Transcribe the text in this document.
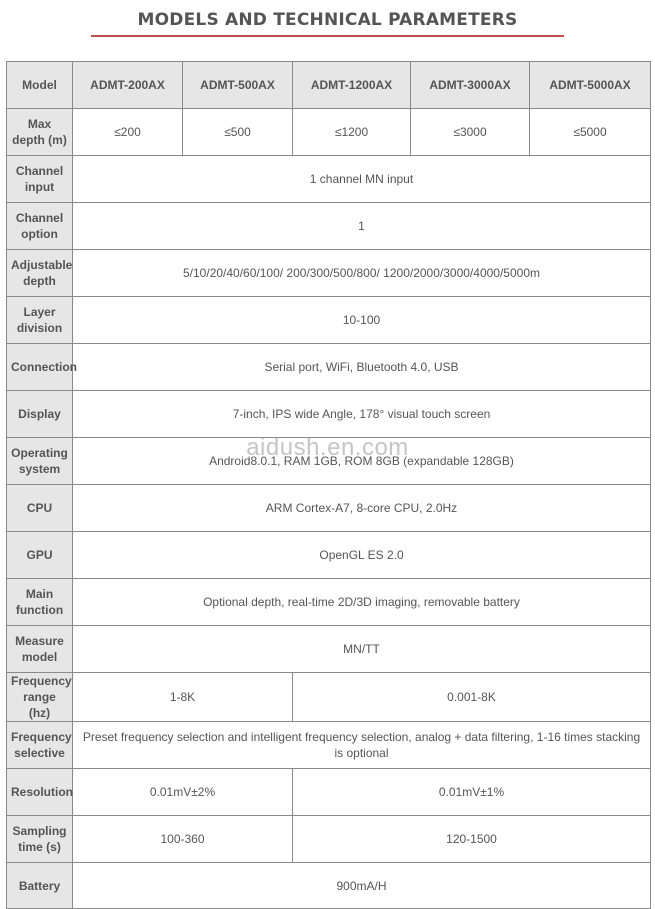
MODELS AND TECHNICAL PARAMETERS
Model	ADMT-200AX	ADMT-500AX	ADMT-1200AX	ADMT-3000AX	ADMT-5000AX
Max depth (m)	≤200	≤500	≤1200	≤3000	≤5000
Channel input	1 channel MN input				
Channel option	1				
Adjustable depth	5/10/20/40/60/100/ 200/300/500/800/ 1200/2000/3000/4000/5000m				
Layer division	10-100				
Connection	Serial port, WiFi, Bluetooth 4.0, USB				
Display	7-inch, IPS wide Angle, 178° visual touch screen				
Operating system	Android8.0.1, RAM 1GB, ROM 8GB (expandable 128GB)				
CPU	ARM Cortex-A7, 8-core CPU, 2.0Hz				
GPU	OpenGL ES 2.0				
Main function	Optional depth, real-time 2D/3D imaging, removable battery				
Measure model	MN/TT				
Frequency range (hz)	1-8K		0.001-8K		
Frequency selective	Preset frequency selection and intelligent frequency selection, analog + data filtering, 1-16 times stacking is optional				
Resolution	0.01mV±2%		0.01mV±1%		
Sampling time (s)	100-360		120-1500		
Battery	900mA/H				
aidush.en.com
